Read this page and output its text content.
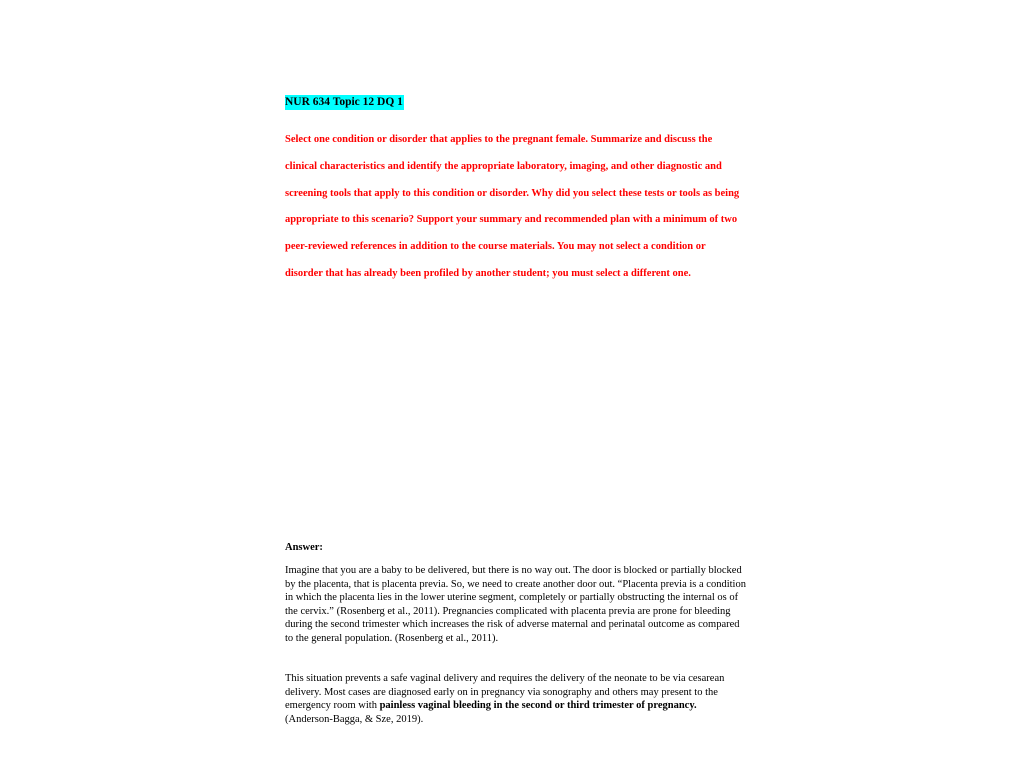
NUR 634 Topic 12 DQ 1

Select one condition or disorder that applies to the pregnant female. Summarize and discuss the clinical characteristics and identify the appropriate laboratory, imaging, and other diagnostic and screening tools that apply to this condition or disorder. Why did you select these tests or tools as being appropriate to this scenario? Support your summary and recommended plan with a minimum of two peer-reviewed references in addition to the course materials. You may not select a condition or disorder that has already been profiled by another student; you must select a different one.

Answer:

Imagine that you are a baby to be delivered, but there is no way out. The door is blocked or partially blocked by the placenta, that is placenta previa. So, we need to create another door out. “Placenta previa is a condition in which the placenta lies in the lower uterine segment, completely or partially obstructing the internal os of the cervix.” (Rosenberg et al., 2011). Pregnancies complicated with placenta previa are prone for bleeding during the second trimester which increases the risk of adverse maternal and perinatal outcome as compared to the general population. (Rosenberg et al., 2011).

This situation prevents a safe vaginal delivery and requires the delivery of the neonate to be via cesarean delivery. Most cases are diagnosed early on in pregnancy via sonography and others may present to the emergency room with painless vaginal bleeding in the second or third trimester of pregnancy. (Anderson-Bagga, & Sze, 2019).
